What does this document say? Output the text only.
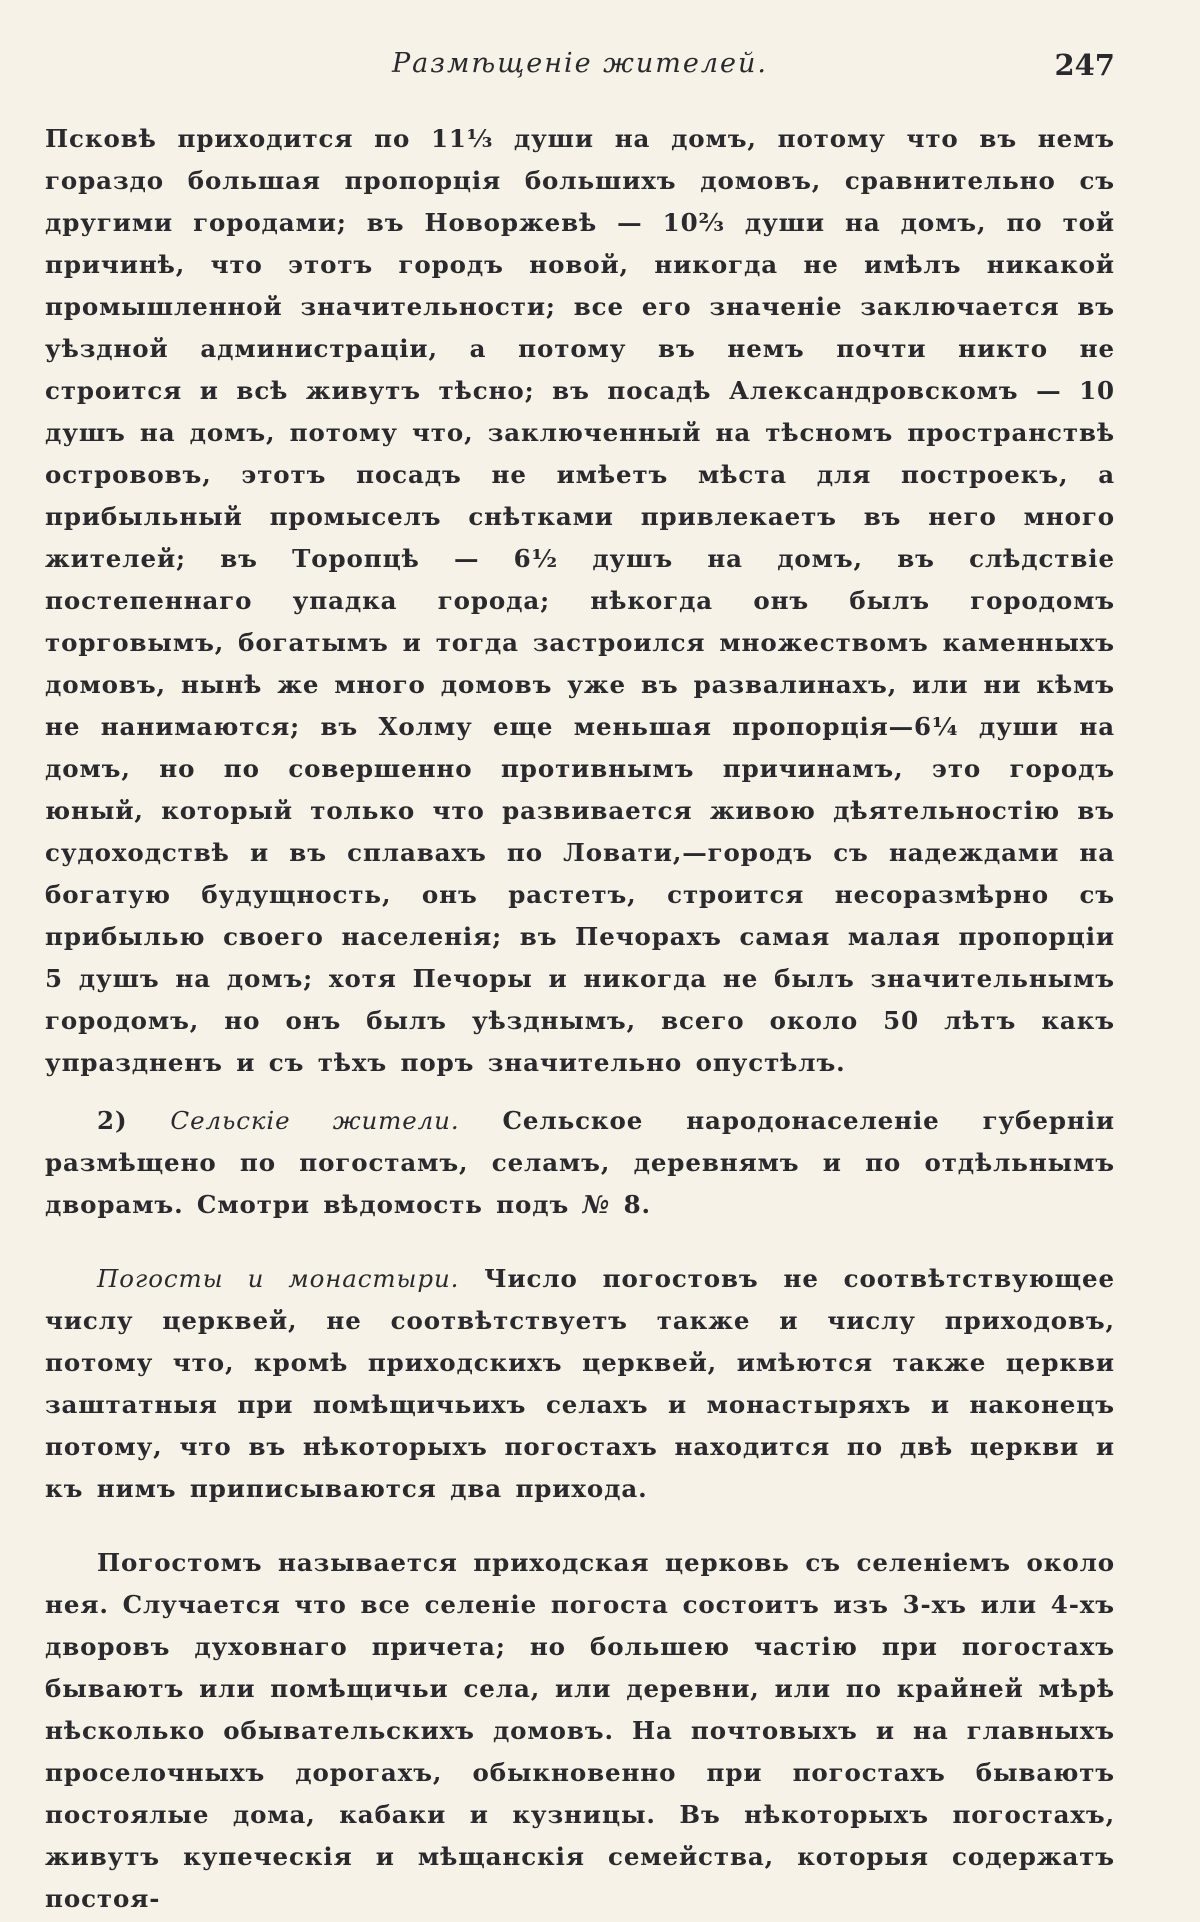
Размѣщеніе жителей.	247

Псковѣ приходится по 11⅓ души на домъ, потому что въ немъ гораздо большая пропорція большихъ домовъ, сравнительно съ другими городами; въ Новоржевѣ — 10⅔ души на домъ, по той причинѣ, что этотъ городъ новой, никогда не имѣлъ никакой промышленной значительности; все его значеніе заключается въ уѣздной администраціи, а потому въ немъ почти никто не строится и всѣ живутъ тѣсно; въ посадѣ Александровскомъ — 10 душъ на домъ, потому что, заключенный на тѣсномъ пространствѣ острововъ, этотъ посадъ не имѣетъ мѣста для построекъ, а прибыльный промыселъ снѣтками привлекаетъ въ него много жителей; въ Торопцѣ — 6½ душъ на домъ, въ слѣдствіе постепеннаго упадка города; нѣкогда онъ былъ городомъ торговымъ, богатымъ и тогда застроился множествомъ каменныхъ домовъ, нынѣ же много домовъ уже въ развалинахъ, или ни кѣмъ не нанимаются; въ Холму еще меньшая пропорція—6¼ души на домъ, но по совершенно противнымъ причинамъ, это городъ юный, который только что развивается живою дѣятельностію въ судоходствѣ и въ сплавахъ по Ловати,—городъ съ надеждами на богатую будущность, онъ растетъ, строится несоразмѣрно съ прибылью своего населенія; въ Печорахъ самая малая пропорціи 5 душъ на домъ; хотя Печоры и никогда не былъ значительнымъ городомъ, но онъ былъ уѣзднымъ, всего около 50 лѣтъ какъ упраздненъ и съ тѣхъ поръ значительно опустѣлъ.

2) Сельскіе жители. Сельское народонаселеніе губерніи размѣщено по погостамъ, селамъ, деревнямъ и по отдѣльнымъ дворамъ. Смотри вѣдомость подъ № 8.

Погосты и монастыри. Число погостовъ не соотвѣтствующее числу церквей, не соотвѣтствуетъ также и числу приходовъ, потому что, кромѣ приходскихъ церквей, имѣются также церкви заштатныя при помѣщичьихъ селахъ и монастыряхъ и наконецъ потому, что въ нѣкоторыхъ погостахъ находится по двѣ церкви и къ нимъ приписываются два прихода.

Погостомъ называется приходская церковь съ селеніемъ около нея. Случается что все селеніе погоста состоитъ изъ 3-хъ или 4-хъ дворовъ духовнаго причета; но большею частію при погостахъ бываютъ или помѣщичьи села, или деревни, или по крайней мѣрѣ нѣсколько обывательскихъ домовъ. На почтовыхъ и на главныхъ проселочныхъ дорогахъ, обыкновенно при погостахъ бываютъ постоялые дома, кабаки и кузницы. Въ нѣкоторыхъ погостахъ, живутъ купеческія и мѣщанскія семейства, которыя содержатъ постоя-
